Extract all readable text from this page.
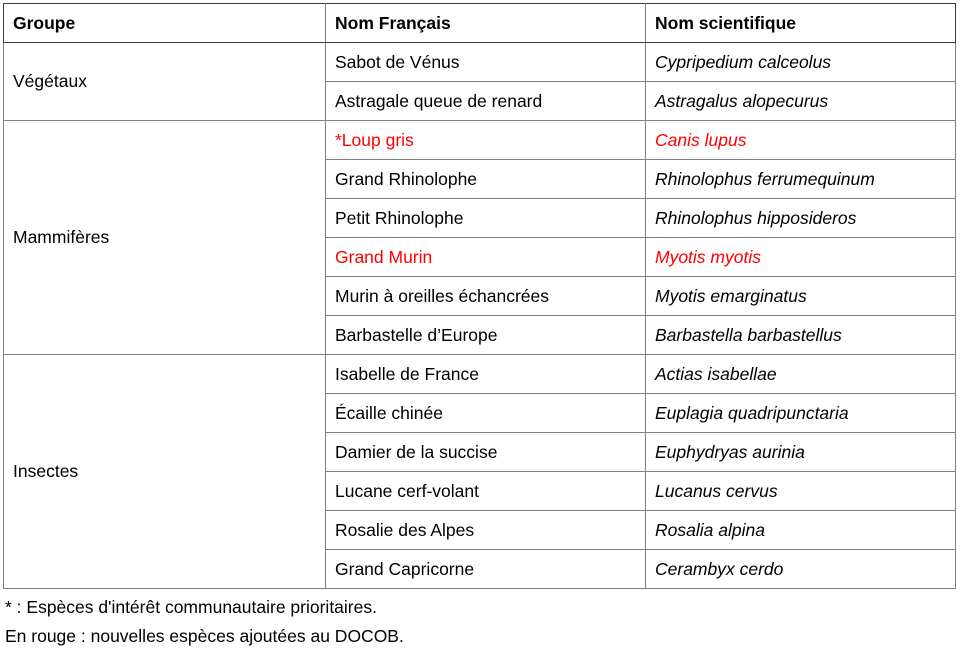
Groupe	Nom Français	Nom scientifique
Végétaux	Sabot de Vénus	Cypripedium calceolus
	Astragale queue de renard	Astragalus alopecurus
Mammifères	*Loup gris	Canis lupus
	Grand Rhinolophe	Rhinolophus ferrumequinum
	Petit Rhinolophe	Rhinolophus hipposideros
	Grand Murin	Myotis myotis
	Murin à oreilles échancrées	Myotis emarginatus
	Barbastelle d’Europe	Barbastella barbastellus
Insectes	Isabelle de France	Actias isabellae
	Écaille chinée	Euplagia quadripunctaria
	Damier de la succise	Euphydryas aurinia
	Lucane cerf-volant	Lucanus cervus
	Rosalie des Alpes	Rosalia alpina
	Grand Capricorne	Cerambyx cerdo

* : Espèces d'intérêt communautaire prioritaires.

En rouge : nouvelles espèces ajoutées au DOCOB.
